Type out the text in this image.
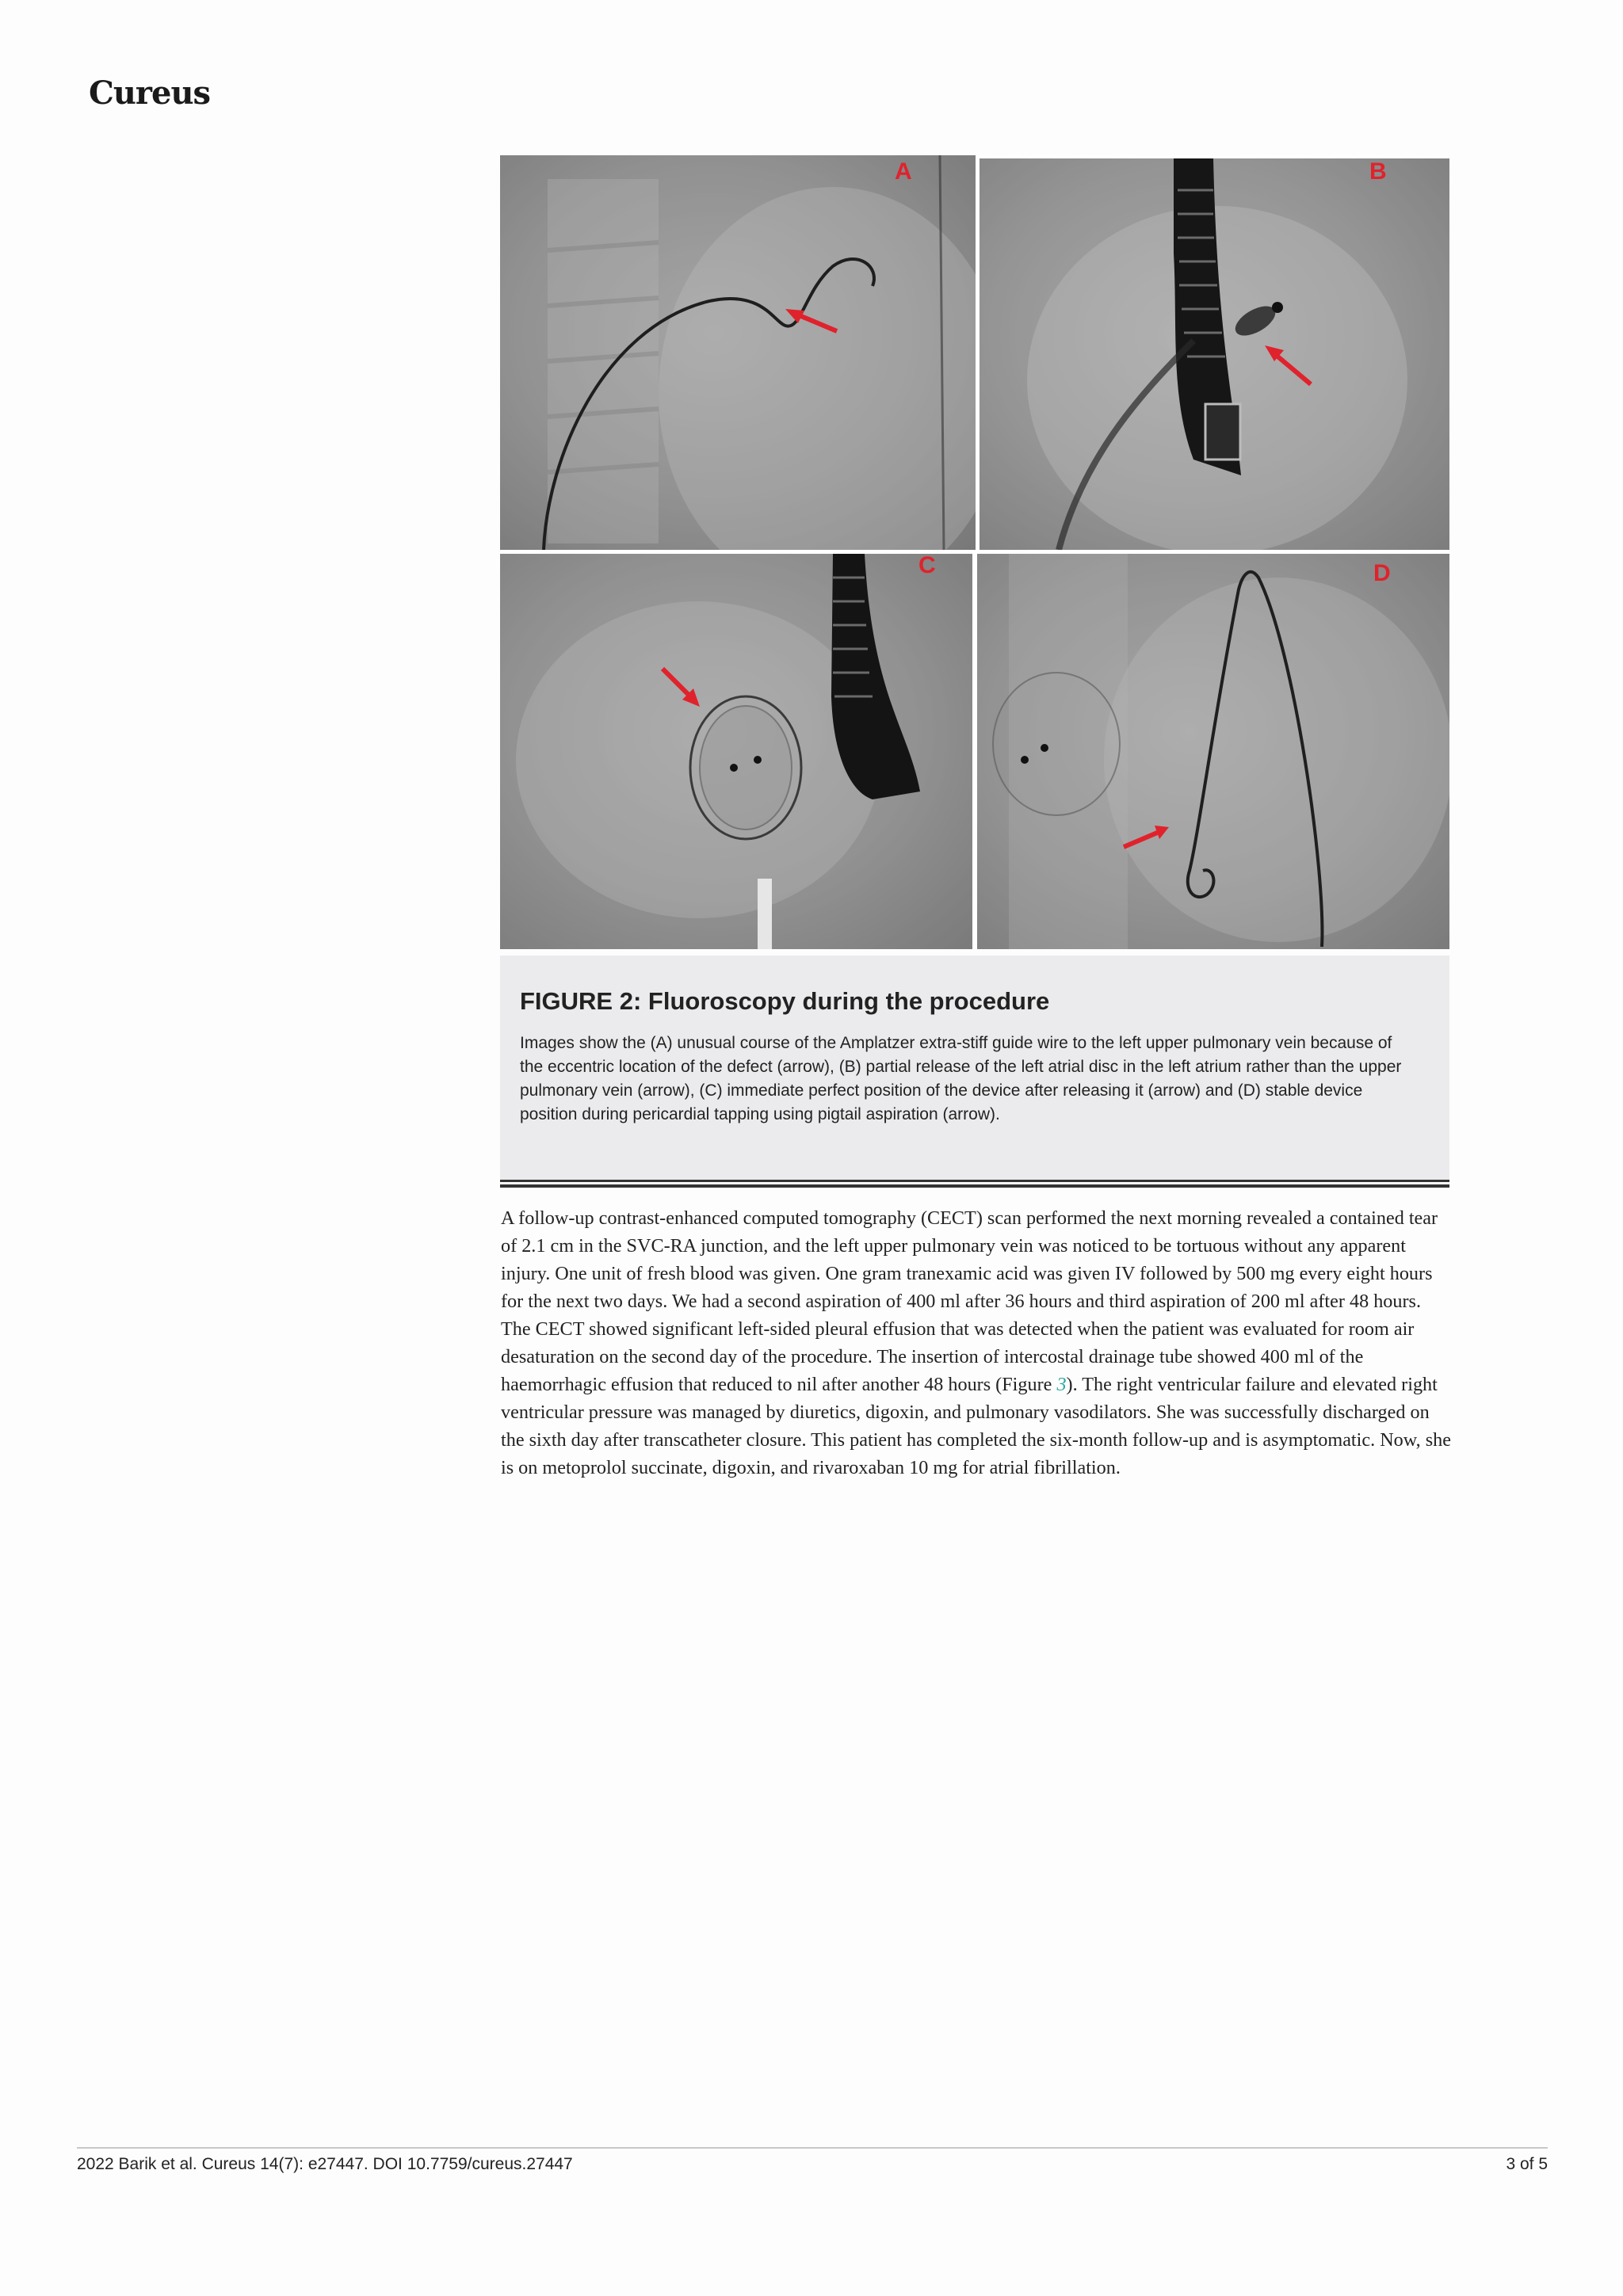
Cureus
A	B
C	D
FIGURE 2: Fluoroscopy during the procedure
Images show the (A) unusual course of the Amplatzer extra-stiff guide wire to the left upper pulmonary vein because of the eccentric location of the defect (arrow), (B) partial release of the left atrial disc in the left atrium rather than the upper pulmonary vein (arrow), (C) immediate perfect position of the device after releasing it (arrow) and (D) stable device position during pericardial tapping using pigtail aspiration (arrow).
A follow-up contrast-enhanced computed tomography (CECT) scan performed the next morning revealed a contained tear of 2.1 cm in the SVC-RA junction, and the left upper pulmonary vein was noticed to be tortuous without any apparent injury. One unit of fresh blood was given. One gram tranexamic acid was given IV followed by 500 mg every eight hours for the next two days. We had a second aspiration of 400 ml after 36 hours and third aspiration of 200 ml after 48 hours. The CECT showed significant left-sided pleural effusion that was detected when the patient was evaluated for room air desaturation on the second day of the procedure. The insertion of intercostal drainage tube showed 400 ml of the haemorrhagic effusion that reduced to nil after another 48 hours (Figure 3). The right ventricular failure and elevated right ventricular pressure was managed by diuretics, digoxin, and pulmonary vasodilators. She was successfully discharged on the sixth day after transcatheter closure. This patient has completed the six-month follow-up and is asymptomatic. Now, she is on metoprolol succinate, digoxin, and rivaroxaban 10 mg for atrial fibrillation.
2022 Barik et al. Cureus 14(7): e27447. DOI 10.7759/cureus.27447	3 of 5
